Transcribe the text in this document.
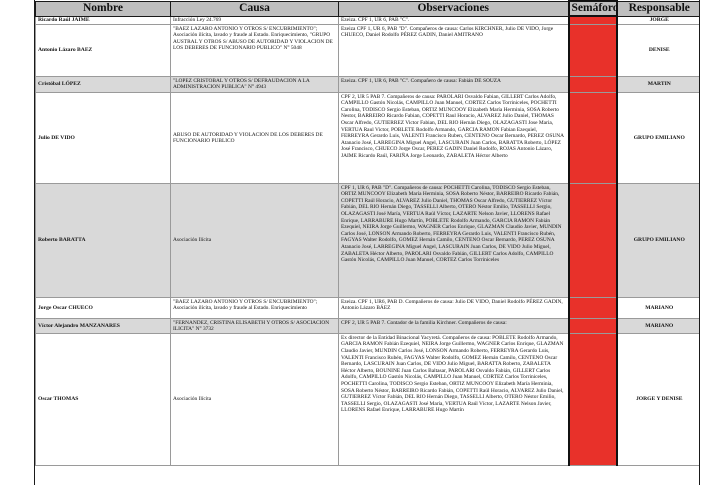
Nombre	Causa	Observaciones	Semáforo	Responsable
Ricardo Raúl JAIME	Infracción Ley 24.769	Ezeiza. CPF 1, UR 6, PAB "C".		JORGE
Antonio Lázaro BAEZ	"BAEZ LAZARO ANTONIO Y OTROS S/ ENCUBRIMIENTO"; Asociación ilícita, lavado y fraude al Estado. Enriquecimiento, "GRUPO AUSTRAL Y OTROS S/ ABUSO DE AUTORIDAD Y VIOLACION DE LOS DEBERES DE FUNCIONARIO PUBLICO" N° 5048	Ezeiza CPF 1, UR 6, PAB "D". Compañeros de causa: Carlos KIRCHNER, Julio DE VIDO, Jorge CHUECO, Daniel Rodolfo PÉREZ GADIN, Daniel AMITRANO		DENISE
Cristóbal LÓPEZ	"LOPEZ CRISTOBAL Y OTROS S/ DEFRAUDACION A LA ADMINISTRACION PUBLICA" N° 4943	Ezeiza. CPF 1, UR 6, PAB "C". Compañero de causa: Fabián DE SOUZA		MARTIN
Julio DE VIDO	ABUSO DE AUTORIDAD Y VIOLACION DE LOS DEBERES DE FUNCIONARIO PUBLICO	CPF 2, UR 5 PAB 7. Compañeros de causa: PAROLARI Osvaldo Fabian, GILLERT Carlos Adolfo, CAMPILLO Gastón Nicolás, CAMPILLO Juan Manuel, CORTEZ Carlos Torriniceles, POCHETTI Carolina, TODISCO Sergio Esteban, ORTIZ MUNCOOY Elizabeth María Herminia, SOSA Roberto Nestor, BARREIRO Ricardo Fabian, COPETTI Raul Horacio, ALVAREZ Julio Daniel, THOMAS Oscar Alfredo, GUTIERREZ Victor Fabian, DEL RIO Hernán Diego, OLAZAGASTI Jose Maria, VERTUA Raul Victor, POBLETE Rodolfo Armando, GARCIA RAMON Fabian Ezequiel, FERREYRA Gerardo Luis, VALENTI Francisco Ruben, CENTENO Oscar Bernardo, PEREZ OSUNA Atanacio José, LARREGINA Miguel Angel, LASCURAIN Juan Carlos, BARATTA Roberto, LÓPEZ José Francisco, CHUECO Jorge Oscar, PEREZ GADIN Daniel Rodolfo, ROJAS Antonio Lázaro, JAIME Ricardo Raúl, FARIÑA Jorge Leonardo, ZABALETA Héctor Alberto		GRUPO EMILIANO
Roberto BARATTA	Asociación Ilícita	CPF 1, UR 6, PAB "D". Compañeros de causa: POCHETTI Carolina, TODISCO Sergio Esteban, ORTIZ MUNCOOY Elizabeth María Herminia, SOSA Roberto Néstor, BARREIRO Ricardo Fabián, COPETTI Raúl Horacio, ALVAREZ Julio Daniel, THOMAS Oscar Alfredo, GUTIERREZ Víctor Fabián, DEL RIO Hernán Diego, TASSELLI Alberto, OTERO Néstor Emilio, TASSELLI Sergio, OLAZAGASTI José María, VERTUA Raúl Víctor, LAZARTE Nelson Javier, LLORENS Rafael Enrique, LARRABURE Hugo Martín, POBLETE Rodolfo Armando, GARCIA RAMON Fabián Ezequiel, NEIRA Jorge Guillermo, WAGNER Carlos Enrique, GLAZMAN Claudio Javier, MUNDIN Carlos José, LONSON Armando Roberto, FERREYRA Gerardo Luis, VALENTI Francisco Rubén, FAGYAS Walter Rodolfo, GOMEZ Hernán Camilo, CENTENO Oscar Bernardo, PEREZ OSUNA Atanacio José, LARREGINA Miguel Angel, LASCURAIN Juan Carlos, DE VIDO Julio Miguel, ZABALETA Héctor Alberto, PAROLARI Osvaldo Fabián, GILLERT Carlos Adolfo, CAMPILLO Gastón Nicolás, CAMPILLO Juan Manuel, CORTEZ Carlos Torriniceles		GRUPO EMILIANO
Jorge Oscar CHUECO	"BAEZ LAZARO ANTONIO Y OTROS S/ ENCUBRIMIENTO"; Asociación ilícita, lavado y fraude al Estado. Enriquecimiento	Ezeiza. CPF 1, UR6, PAB D. Compañeros de causa: Julio DE VIDO, Daniel Rodolfo PÉREZ GADIN, Antonio Lázaro BÁEZ		MARIANO
Víctor Alejandro MANZANARES	"FERNANDEZ, CRISTINA ELISABETH Y OTROS S/ ASOCIACION ILICITA" N° 3732	CPF 2, UR 5 PAB 7. Contador de la familia Kirchner. Compañeros de causa:		MARIANO
Oscar THOMAS	Asociación Ilícita	Ex director de la Entidad Binacional Yacyretá. Compañeros de causa: POBLETE Rodolfo Armando, GARCIA RAMON Fabián Ezequiel, NEIRA Jorge Guillermo, WAGNER Carlos Enrique, GLAZMAN Claudio Javier, MUNDIN Carlos José, LONSON Armando Roberto, FERREYRA Gerardo Luis, VALENTI Francisco Rubén, FAGYAS Walter Rodolfo, GOMEZ Hernán Camilo, CENTENO Oscar Bernardo, LASCURAIN Juan Carlos, DE VIDO Julio Miguel, BARATTA Roberto, ZABALETA Héctor Alberto, BOUNINE Juan Carlos Baltasar, PAROLARI Osvaldo Fabián, GILLERT Carlos Adolfo, CAMPILLO Gastón Nicolás, CAMPILLO Juan Manuel, CORTEZ Carlos Torriniceles, POCHETTI Carolina, TODISCO Sergio Esteban, ORTIZ MUNCOOY Elizabeth María Herminia, SOSA Roberto Néstor, BARREIRO Ricardo Fabián, COPETTI Raúl Horacio, ALVAREZ Julio Daniel, GUTIERREZ Víctor Fabián, DEL RIO Hernán Diego, TASSELLI Alberto, OTERO Néstor Emilio, TASSELLI Sergio, OLAZAGASTI José María, VERTUA Raúl Víctor, LAZARTE Nelson Javier, LLORENS Rafael Enrique, LARRABURE Hugo Martín		JORGE Y DENISE
